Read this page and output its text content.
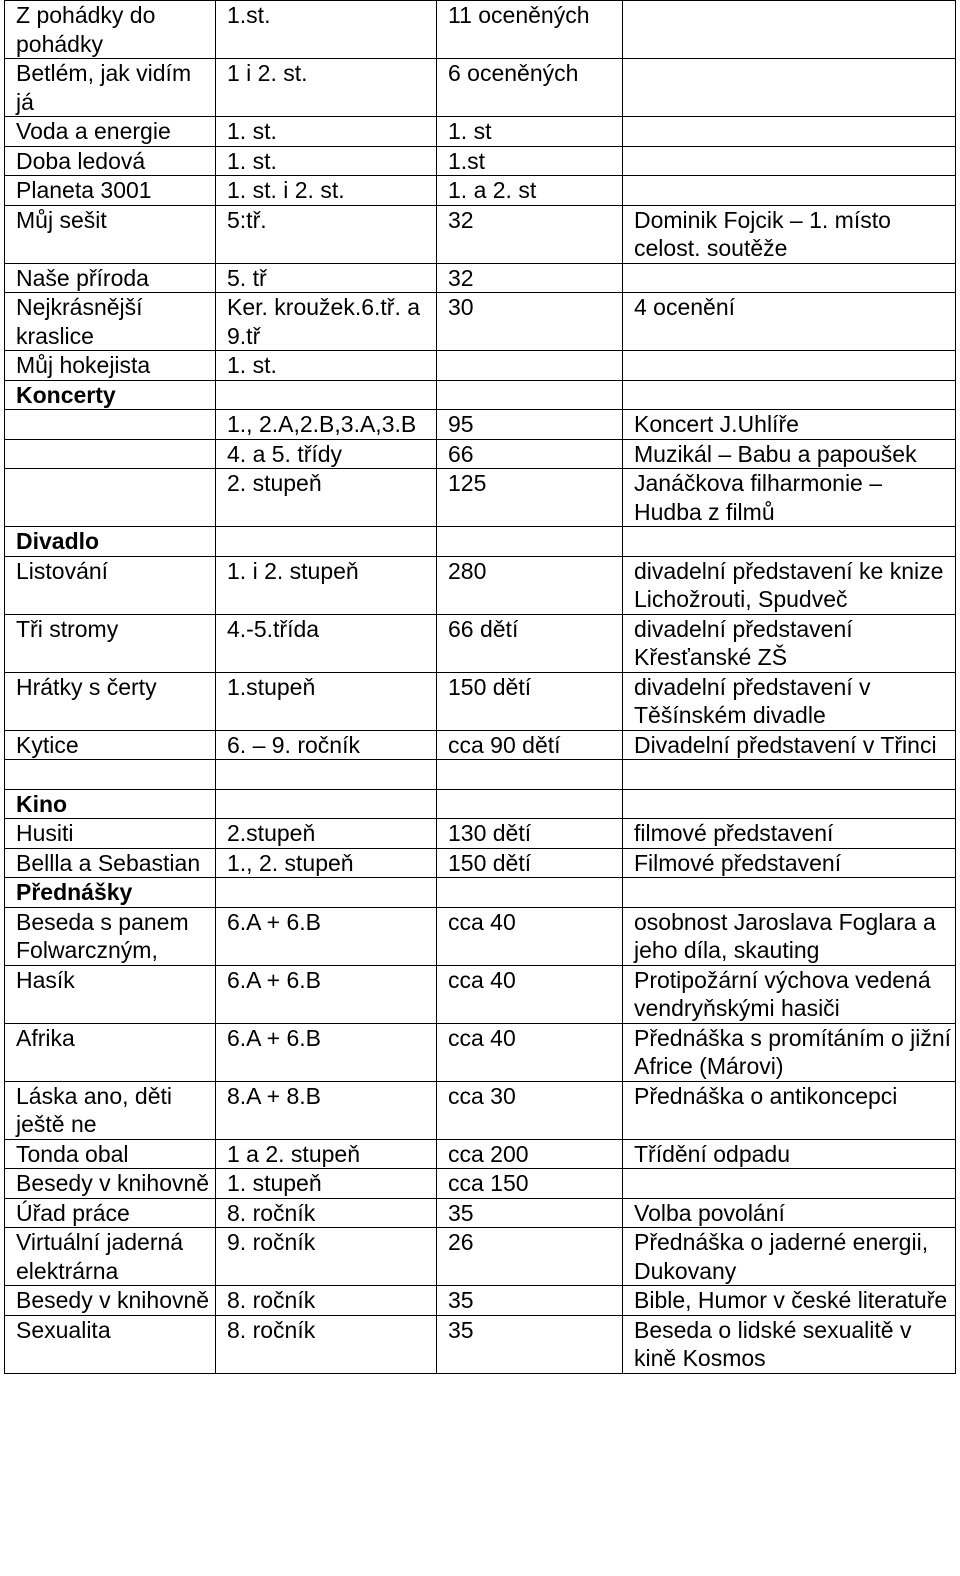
Z pohádky do pohádky	1.st.	11 oceněných	
Betlém, jak vidím já	1 i 2. st.	6 oceněných	
Voda a energie	1. st.	1. st	
Doba ledová	1. st.	1.st	
Planeta 3001	1. st. i 2. st.	1. a 2. st	
Můj sešit	5:tř.	32	Dominik Fojcik – 1. místo celost. soutěže
Naše příroda	5. tř	32	
Nejkrásnější kraslice	Ker. kroužek.6.tř. a 9.tř	30	4 ocenění
Můj hokejista	1. st.		
Koncerty			
	1., 2.A,2.B,3.A,3.B	95	Koncert J.Uhlíře
	4. a 5. třídy	66	Muzikál – Babu a papoušek
	2. stupeň	125	Janáčkova filharmonie – Hudba z filmů
Divadlo			
Listování	1. i 2. stupeň	280	divadelní představení ke knize Lichožrouti, Spudveč
Tři stromy	4.-5.třída	66 dětí	divadelní představení Křesťanské ZŠ
Hrátky s čerty	1.stupeň	150 dětí	divadelní představení v Těšínském divadle
Kytice	6. – 9. ročník	cca 90 dětí	Divadelní představení v Třinci

Kino			
Husiti	2.stupeň	130 dětí	filmové představení
Bellla a Sebastian	1., 2. stupeň	150 dětí	Filmové představení
Přednášky			
Beseda s panem Folwarczným,	6.A + 6.B	cca 40	osobnost Jaroslava Foglara a jeho díla, skauting
Hasík	6.A + 6.B	cca 40	Protipožární výchova vedená vendryňskými hasiči
Afrika	6.A + 6.B	cca 40	Přednáška s promítáním o jižní Africe (Márovi)
Láska ano, děti ještě ne	8.A + 8.B	cca 30	Přednáška o antikoncepci
Tonda obal	1 a 2. stupeň	cca 200	Třídění odpadu
Besedy v knihovně	1. stupeň	cca 150	
Úřad práce	8. ročník	35	Volba povolání
Virtuální jaderná elektrárna	9. ročník	26	Přednáška o jaderné energii, Dukovany
Besedy v knihovně	8. ročník	35	Bible, Humor v české literatuře
Sexualita	8. ročník	35	Beseda o lidské sexualitě v kině Kosmos
